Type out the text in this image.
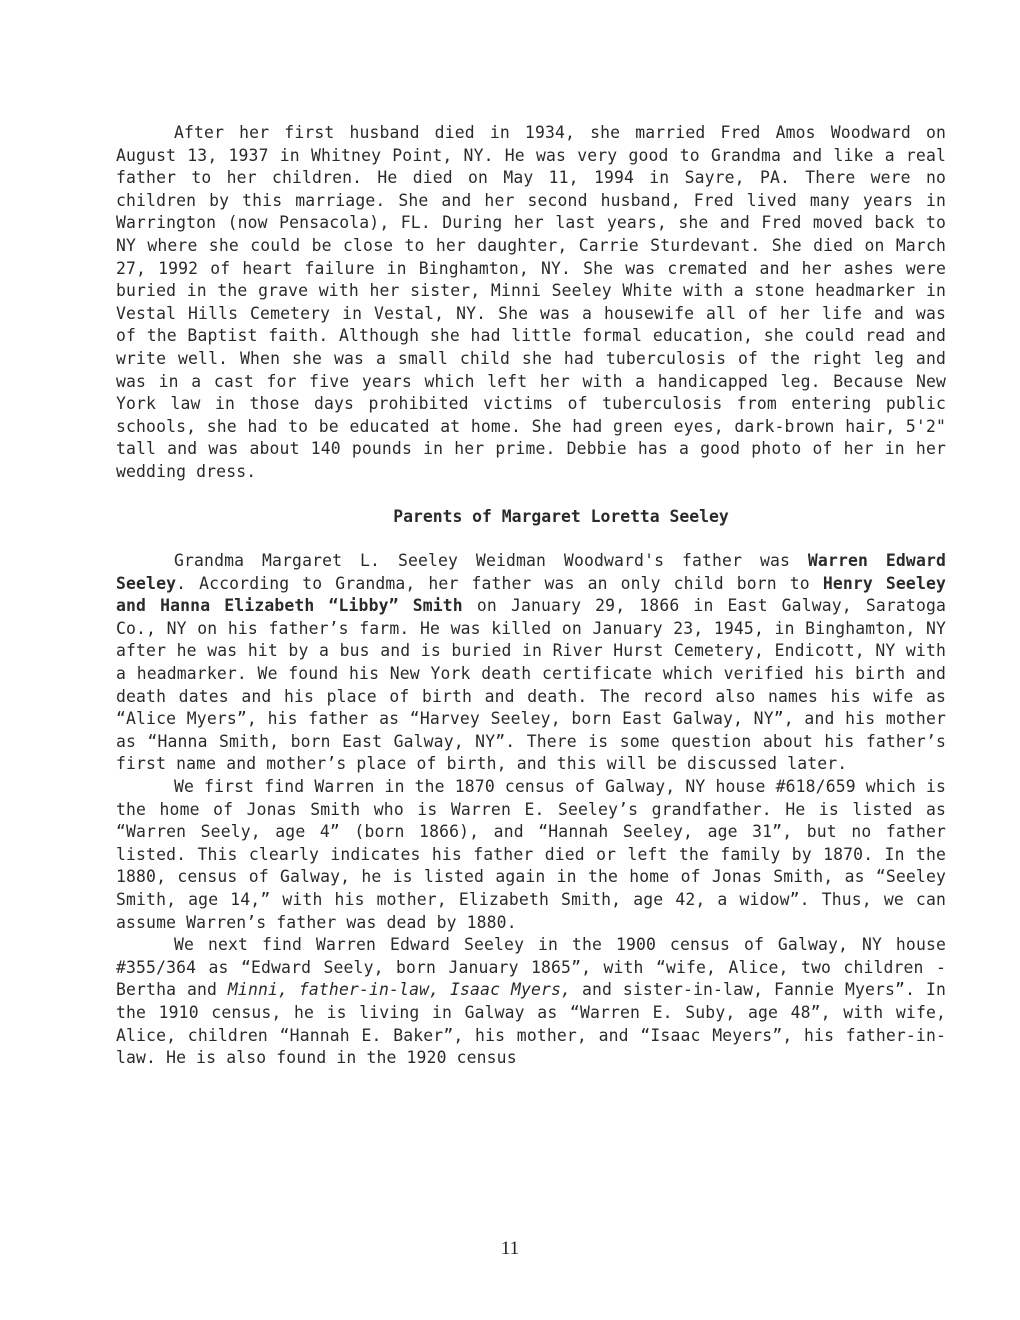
After her first husband died in 1934, she married Fred Amos Woodward on August 13, 1937 in Whitney Point, NY. He was very good to Grandma and like a real father to her children. He died on May 11, 1994 in Sayre, PA. There were no children by this marriage. She and her second husband, Fred lived many years in Warrington (now Pensacola), FL. During her last years, she and Fred moved back to NY where she could be close to her daughter, Carrie Sturdevant. She died on March 27, 1992 of heart failure in Binghamton, NY. She was cremated and her ashes were buried in the grave with her sister, Minni Seeley White with a stone headmarker in Vestal Hills Cemetery in Vestal, NY. She was a housewife all of her life and was of the Baptist faith. Although she had little formal education, she could read and write well. When she was a small child she had tuberculosis of the right leg and was in a cast for five years which left her with a handicapped leg. Because New York law in those days prohibited victims of tuberculosis from entering public schools, she had to be educated at home. She had green eyes, dark-brown hair, 5'2" tall and was about 140 pounds in her prime. Debbie has a good photo of her in her wedding dress.

Parents of Margaret Loretta Seeley

Grandma Margaret L. Seeley Weidman Woodward's father was Warren Edward Seeley. According to Grandma, her father was an only child born to Henry Seeley and Hanna Elizabeth “Libby” Smith on January 29, 1866 in East Galway, Saratoga Co., NY on his father’s farm. He was killed on January 23, 1945, in Binghamton, NY after he was hit by a bus and is buried in River Hurst Cemetery, Endicott, NY with a headmarker. We found his New York death certificate which verified his birth and death dates and his place of birth and death. The record also names his wife as “Alice Myers”, his father as “Harvey Seeley, born East Galway, NY”, and his mother as “Hanna Smith, born East Galway, NY”. There is some question about his father’s first name and mother’s place of birth, and this will be discussed later.

We first find Warren in the 1870 census of Galway, NY house #618/659 which is the home of Jonas Smith who is Warren E. Seeley’s grandfather. He is listed as “Warren Seely, age 4” (born 1866), and “Hannah Seeley, age 31”, but no father listed. This clearly indicates his father died or left the family by 1870. In the 1880, census of Galway, he is listed again in the home of Jonas Smith, as “Seeley Smith, age 14,” with his mother, Elizabeth Smith, age 42, a widow”. Thus, we can assume Warren’s father was dead by 1880.

We next find Warren Edward Seeley in the 1900 census of Galway, NY house #355/364 as “Edward Seely, born January 1865”, with “wife, Alice, two children - Bertha and Minni, father-in-law, Isaac Myers, and sister-in-law, Fannie Myers”. In the 1910 census, he is living in Galway as “Warren E. Suby, age 48”, with wife, Alice, children “Hannah E. Baker”, his mother, and “Isaac Meyers”, his father-in-law. He is also found in the 1920 census

11
